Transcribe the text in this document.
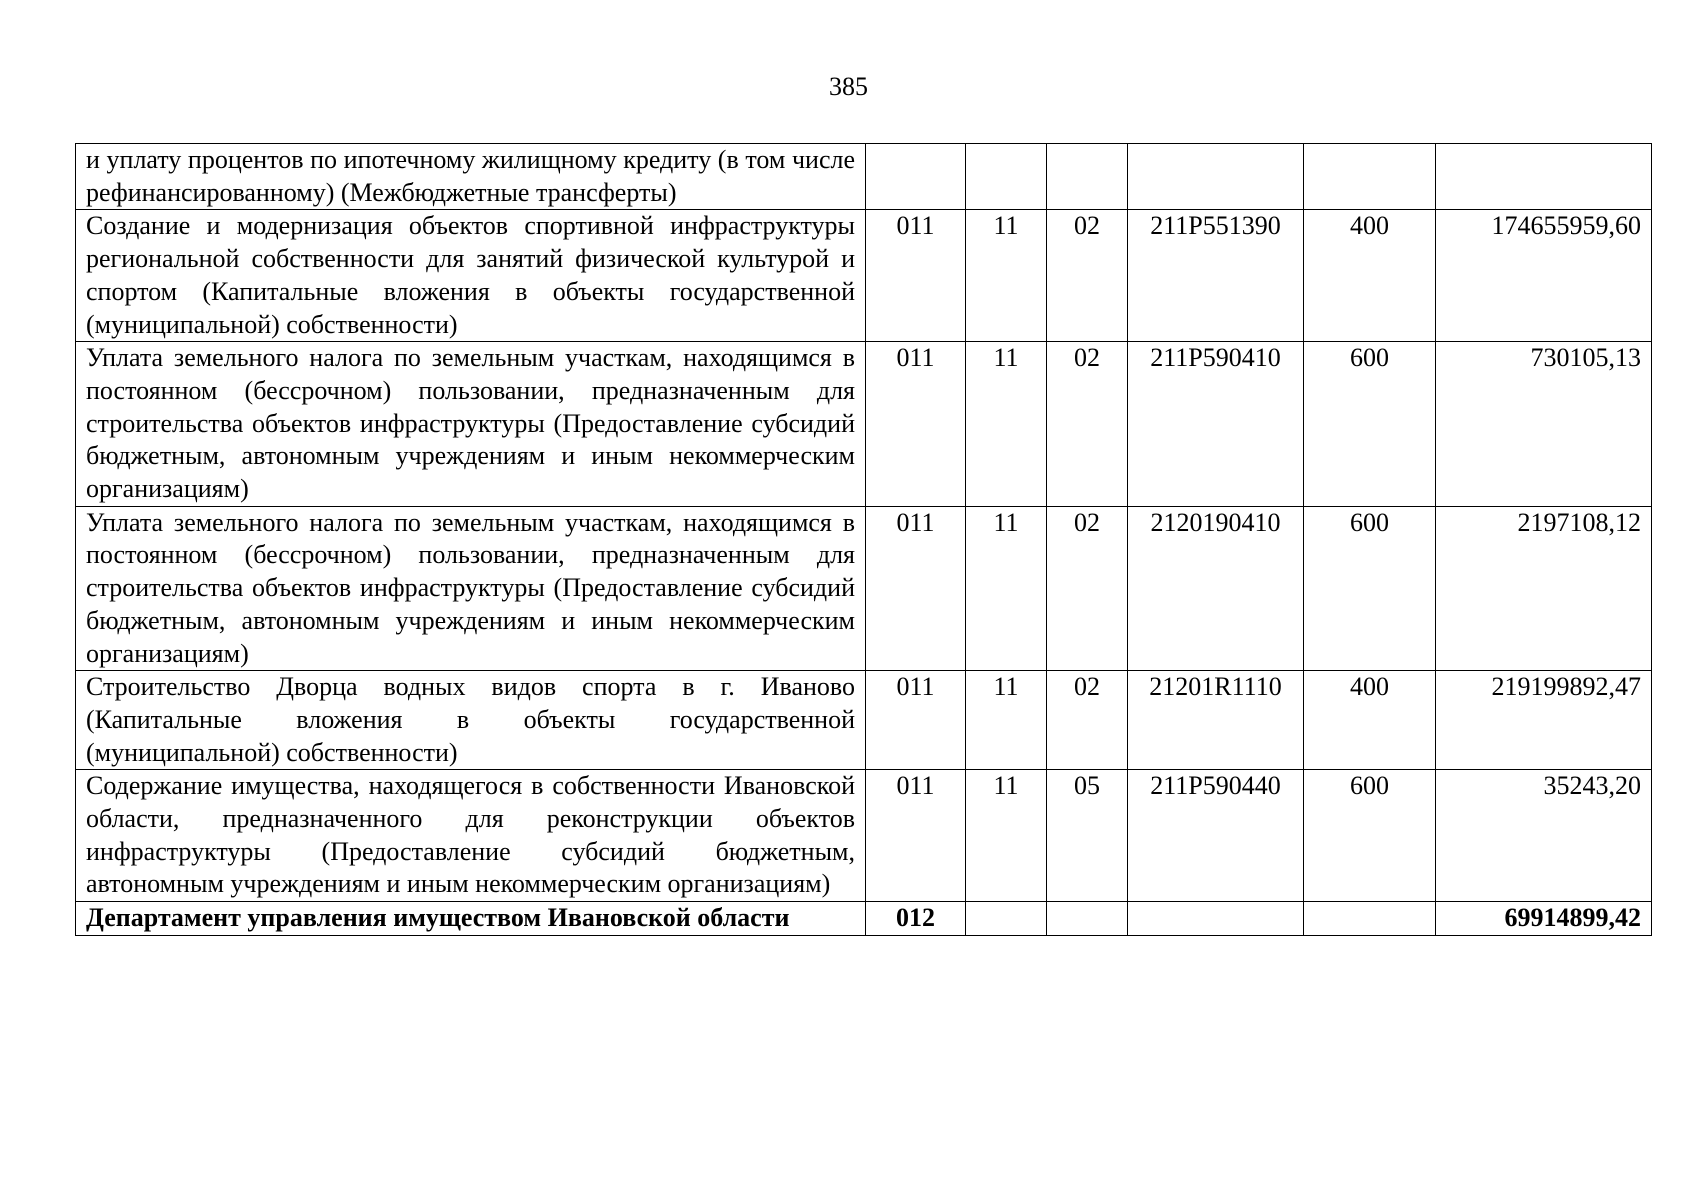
385
и уплату процентов по ипотечному жилищному кредиту (в том числе рефинансированному) (Межбюджетные трансферты)						
Создание и модернизация объектов спортивной инфраструктуры региональной собственности для занятий физической культурой и спортом (Капитальные вложения в объекты государственной (муниципальной) собственности)	011	11	02	211P551390	400	174655959,60
Уплата земельного налога по земельным участкам, находящимся в постоянном (бессрочном) пользовании, предназначенным для строительства объектов инфраструктуры (Предоставление субсидий бюджетным, автономным учреждениям и иным некоммерческим организациям)	011	11	02	211P590410	600	730105,13
Уплата земельного налога по земельным участкам, находящимся в постоянном (бессрочном) пользовании, предназначенным для строительства объектов инфраструктуры (Предоставление субсидий бюджетным, автономным учреждениям и иным некоммерческим организациям)	011	11	02	2120190410	600	2197108,12
Строительство Дворца водных видов спорта в г. Иваново (Капитальные вложения в объекты государственной (муниципальной) собственности)	011	11	02	21201R1110	400	219199892,47
Содержание имущества, находящегося в собственности Ивановской области, предназначенного для реконструкции объектов инфраструктуры (Предоставление субсидий бюджетным, автономным учреждениям и иным некоммерческим организациям)	011	11	05	211P590440	600	35243,20
Департамент управления имуществом Ивановской области	012					69914899,42
